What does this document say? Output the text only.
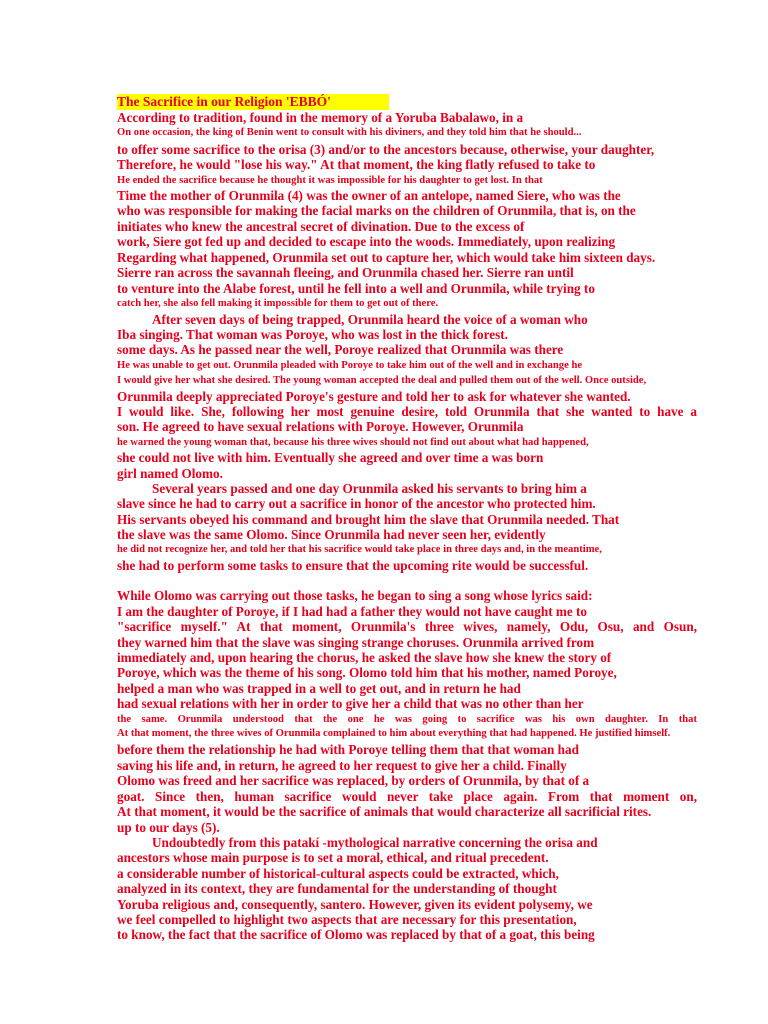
The Sacrifice in our Religion 'EBBÓ'
According to tradition, found in the memory of a Yoruba Babalawo, in a
On one occasion, the king of Benin went to consult with his diviners, and they told him that he should...
to offer some sacrifice to the orisa (3) and/or to the ancestors because, otherwise, your daughter,
Therefore, he would "lose his way." At that moment, the king flatly refused to take to
He ended the sacrifice because he thought it was impossible for his daughter to get lost. In that
Time the mother of Orunmila (4) was the owner of an antelope, named Siere, who was the
who was responsible for making the facial marks on the children of Orunmila, that is, on the
initiates who knew the ancestral secret of divination. Due to the excess of
work, Siere got fed up and decided to escape into the woods. Immediately, upon realizing
Regarding what happened, Orunmila set out to capture her, which would take him sixteen days.
Sierre ran across the savannah fleeing, and Orunmila chased her. Sierre ran until
to venture into the Alabe forest, until he fell into a well and Orunmila, while trying to
catch her, she also fell making it impossible for them to get out of there.
After seven days of being trapped, Orunmila heard the voice of a woman who
Iba singing. That woman was Poroye, who was lost in the thick forest.
some days. As he passed near the well, Poroye realized that Orunmila was there
He was unable to get out. Orunmila pleaded with Poroye to take him out of the well and in exchange he
I would give her what she desired. The young woman accepted the deal and pulled them out of the well. Once outside,
Orunmila deeply appreciated Poroye's gesture and told her to ask for whatever she wanted.
I would like. She, following her most genuine desire, told Orunmila that she wanted to have a
son. He agreed to have sexual relations with Poroye. However, Orunmila
he warned the young woman that, because his three wives should not find out about what had happened,
she could not live with him. Eventually she agreed and over time a was born
girl named Olomo.
Several years passed and one day Orunmila asked his servants to bring him a
slave since he had to carry out a sacrifice in honor of the ancestor who protected him.
His servants obeyed his command and brought him the slave that Orunmila needed. That
the slave was the same Olomo. Since Orunmila had never seen her, evidently
he did not recognize her, and told her that his sacrifice would take place in three days and, in the meantime,
she had to perform some tasks to ensure that the upcoming rite would be successful.
While Olomo was carrying out those tasks, he began to sing a song whose lyrics said:
I am the daughter of Poroye, if I had had a father they would not have caught me to
"sacrifice myself." At that moment, Orunmila's three wives, namely, Odu, Osu, and Osun,
they warned him that the slave was singing strange choruses. Orunmila arrived from
immediately and, upon hearing the chorus, he asked the slave how she knew the story of
Poroye, which was the theme of his song. Olomo told him that his mother, named Poroye,
helped a man who was trapped in a well to get out, and in return he had
had sexual relations with her in order to give her a child that was no other than her
the same. Orunmila understood that the one he was going to sacrifice was his own daughter. In that
At that moment, the three wives of Orunmila complained to him about everything that had happened. He justified himself.
before them the relationship he had with Poroye telling them that that woman had
saving his life and, in return, he agreed to her request to give her a child. Finally
Olomo was freed and her sacrifice was replaced, by orders of Orunmila, by that of a
goat. Since then, human sacrifice would never take place again. From that moment on,
At that moment, it would be the sacrifice of animals that would characterize all sacrificial rites.
up to our days (5).
Undoubtedly from this patakí -mythological narrative concerning the orisa and
ancestors whose main purpose is to set a moral, ethical, and ritual precedent.
a considerable number of historical-cultural aspects could be extracted, which,
analyzed in its context, they are fundamental for the understanding of thought
Yoruba religious and, consequently, santero. However, given its evident polysemy, we
we feel compelled to highlight two aspects that are necessary for this presentation,
to know, the fact that the sacrifice of Olomo was replaced by that of a goat, this being
